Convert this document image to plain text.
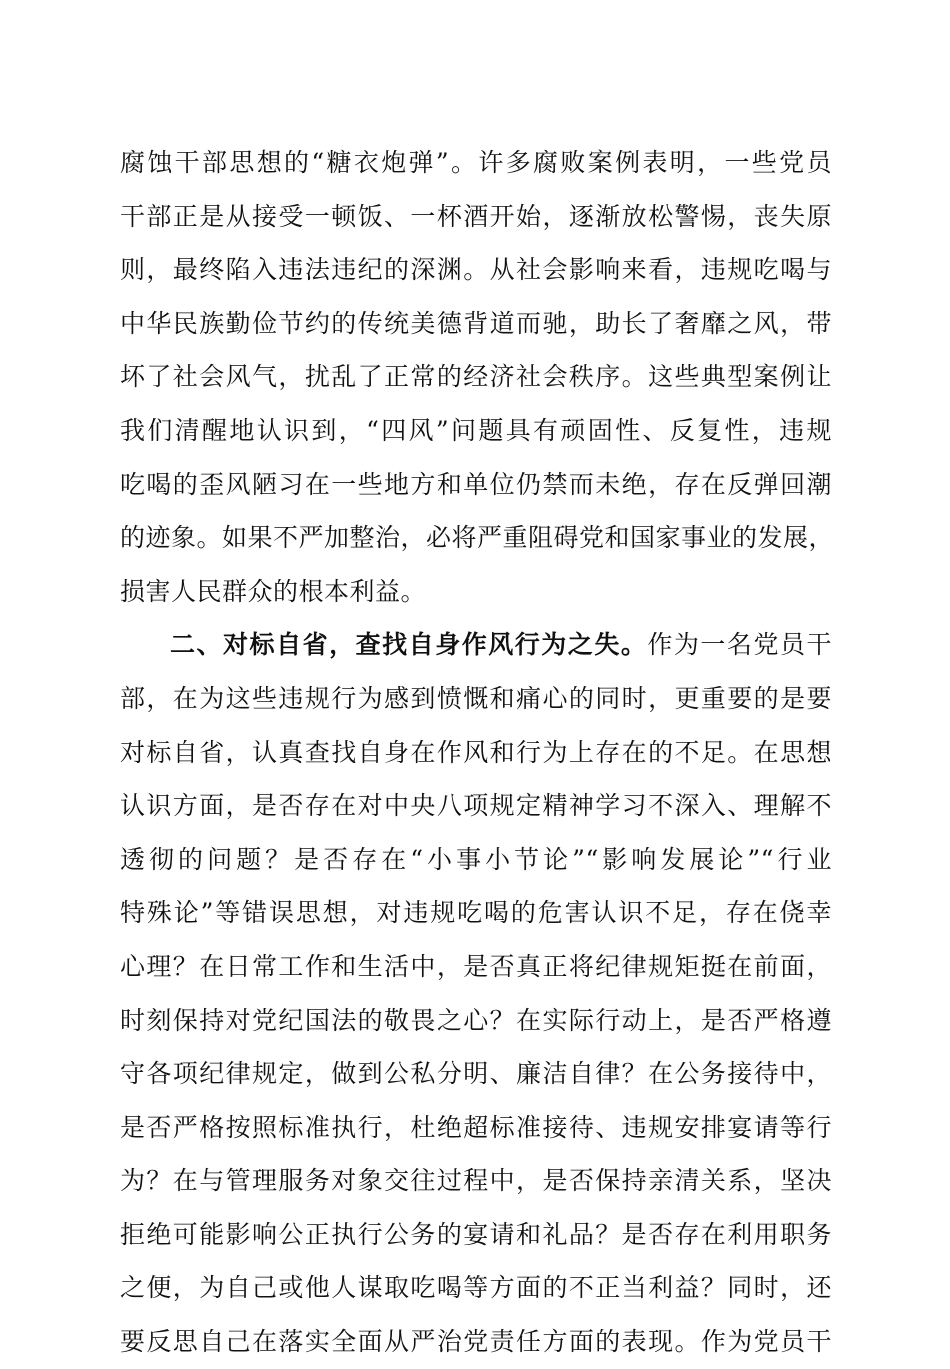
腐蚀干部思想的“糖衣炮弹”。许多腐败案例表明，一些党员
干部正是从接受一顿饭、一杯酒开始，逐渐放松警惕，丧失原
则，最终陷入违法违纪的深渊。从社会影响来看，违规吃喝与
中华民族勤俭节约的传统美德背道而驰，助长了奢靡之风，带
坏了社会风气，扰乱了正常的经济社会秩序。这些典型案例让
我们清醒地认识到，“四风”问题具有顽固性、反复性，违规
吃喝的歪风陋习在一些地方和单位仍禁而未绝，存在反弹回潮
的迹象。如果不严加整治，必将严重阻碍党和国家事业的发展，
损害人民群众的根本利益。
二、对标自省，查找自身作风行为之失。作为一名党员干
部，在为这些违规行为感到愤慨和痛心的同时，更重要的是要
对标自省，认真查找自身在作风和行为上存在的不足。在思想
认识方面，是否存在对中央八项规定精神学习不深入、理解不
透彻的问题？是否存在“小事小节论”“影响发展论”“行业
特殊论”等错误思想，对违规吃喝的危害认识不足，存在侥幸
心理？在日常工作和生活中，是否真正将纪律规矩挺在前面，
时刻保持对党纪国法的敬畏之心？在实际行动上，是否严格遵
守各项纪律规定，做到公私分明、廉洁自律？在公务接待中，
是否严格按照标准执行，杜绝超标准接待、违规安排宴请等行
为？在与管理服务对象交往过程中，是否保持亲清关系，坚决
拒绝可能影响公正执行公务的宴请和礼品？是否存在利用职务
之便，为自己或他人谋取吃喝等方面的不正当利益？同时，还
要反思自己在落实全面从严治党责任方面的表现。作为党员干
